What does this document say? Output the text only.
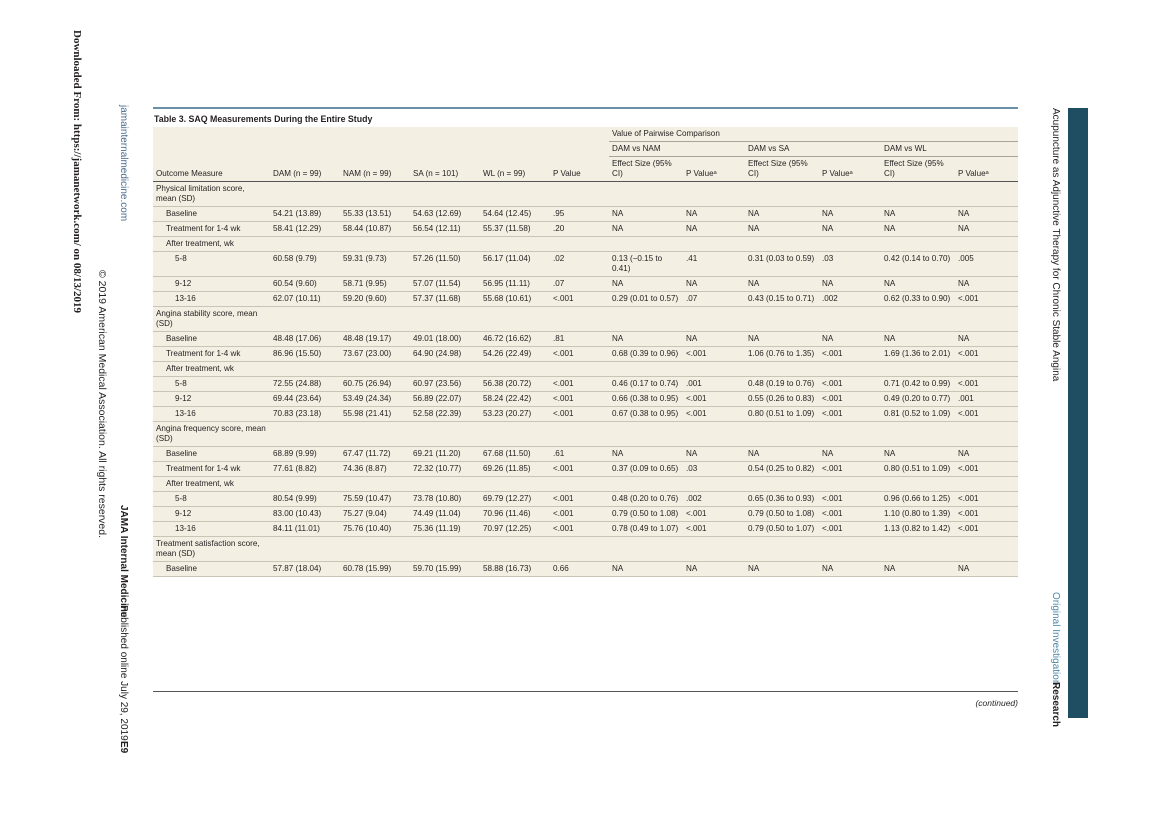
Downloaded From: https://jamanetwork.com/ on 08/13/2019
© 2019 American Medical Association. All rights reserved.
jamainternalmedicine.com
JAMA Internal Medicine
Published online July 29, 2019
E9
Acupuncture as Adjunctive Therapy for Chronic Stable Angina
Original Investigation
Research
Table 3. SAQ Measurements During the Entire Study
						Value of Pairwise Comparison					
						DAM vs NAM		DAM vs SA		DAM vs WL	
Outcome Measure	DAM (n = 99)	NAM (n = 99)	SA (n = 101)	WL (n = 99)	P Value	Effect Size (95% CI)	P Valueᵃ	Effect Size (95% CI)	P Valueᵃ	Effect Size (95% CI)	P Valueᵃ
Physical limitation score, mean (SD)											
Baseline	54.21 (13.89)	55.33 (13.51)	54.63 (12.69)	54.64 (12.45)	.95	NA	NA	NA	NA	NA	NA
Treatment for 1-4 wk	58.41 (12.29)	58.44 (10.87)	56.54 (12.11)	55.37 (11.58)	.20	NA	NA	NA	NA	NA	NA
After treatment, wk											
5-8	60.58 (9.79)	59.31 (9.73)	57.26 (11.50)	56.17 (11.04)	.02	0.13 (−0.15 to 0.41)	.41	0.31 (0.03 to 0.59)	.03	0.42 (0.14 to 0.70)	.005
9-12	60.54 (9.60)	58.71 (9.95)	57.07 (11.54)	56.95 (11.11)	.07	NA	NA	NA	NA	NA	NA
13-16	62.07 (10.11)	59.20 (9.60)	57.37 (11.68)	55.68 (10.61)	<.001	0.29 (0.01 to 0.57)	.07	0.43 (0.15 to 0.71)	.002	0.62 (0.33 to 0.90)	<.001
Angina stability score, mean (SD)											
Baseline	48.48 (17.06)	48.48 (19.17)	49.01 (18.00)	46.72 (16.62)	.81	NA	NA	NA	NA	NA	NA
Treatment for 1-4 wk	86.96 (15.50)	73.67 (23.00)	64.90 (24.98)	54.26 (22.49)	<.001	0.68 (0.39 to 0.96)	<.001	1.06 (0.76 to 1.35)	<.001	1.69 (1.36 to 2.01)	<.001
After treatment, wk											
5-8	72.55 (24.88)	60.75 (26.94)	60.97 (23.56)	56.38 (20.72)	<.001	0.46 (0.17 to 0.74)	.001	0.48 (0.19 to 0.76)	<.001	0.71 (0.42 to 0.99)	<.001
9-12	69.44 (23.64)	53.49 (24.34)	56.89 (22.07)	58.24 (22.42)	<.001	0.66 (0.38 to 0.95)	<.001	0.55 (0.26 to 0.83)	<.001	0.49 (0.20 to 0.77)	.001
13-16	70.83 (23.18)	55.98 (21.41)	52.58 (22.39)	53.23 (20.27)	<.001	0.67 (0.38 to 0.95)	<.001	0.80 (0.51 to 1.09)	<.001	0.81 (0.52 to 1.09)	<.001
Angina frequency score, mean (SD)											
Baseline	68.89 (9.99)	67.47 (11.72)	69.21 (11.20)	67.68 (11.50)	.61	NA	NA	NA	NA	NA	NA
Treatment for 1-4 wk	77.61 (8.82)	74.36 (8.87)	72.32 (10.77)	69.26 (11.85)	<.001	0.37 (0.09 to 0.65)	.03	0.54 (0.25 to 0.82)	<.001	0.80 (0.51 to 1.09)	<.001
After treatment, wk											
5-8	80.54 (9.99)	75.59 (10.47)	73.78 (10.80)	69.79 (12.27)	<.001	0.48 (0.20 to 0.76)	.002	0.65 (0.36 to 0.93)	<.001	0.96 (0.66 to 1.25)	<.001
9-12	83.00 (10.43)	75.27 (9.04)	74.49 (11.04)	70.96 (11.46)	<.001	0.79 (0.50 to 1.08)	<.001	0.79 (0.50 to 1.08)	<.001	1.10 (0.80 to 1.39)	<.001
13-16	84.11 (11.01)	75.76 (10.40)	75.36 (11.19)	70.97 (12.25)	<.001	0.78 (0.49 to 1.07)	<.001	0.79 (0.50 to 1.07)	<.001	1.13 (0.82 to 1.42)	<.001
Treatment satisfaction score, mean (SD)											
Baseline	57.87 (18.04)	60.78 (15.99)	59.70 (15.99)	58.88 (16.73)	0.66	NA	NA	NA	NA	NA	NA
(continued)
